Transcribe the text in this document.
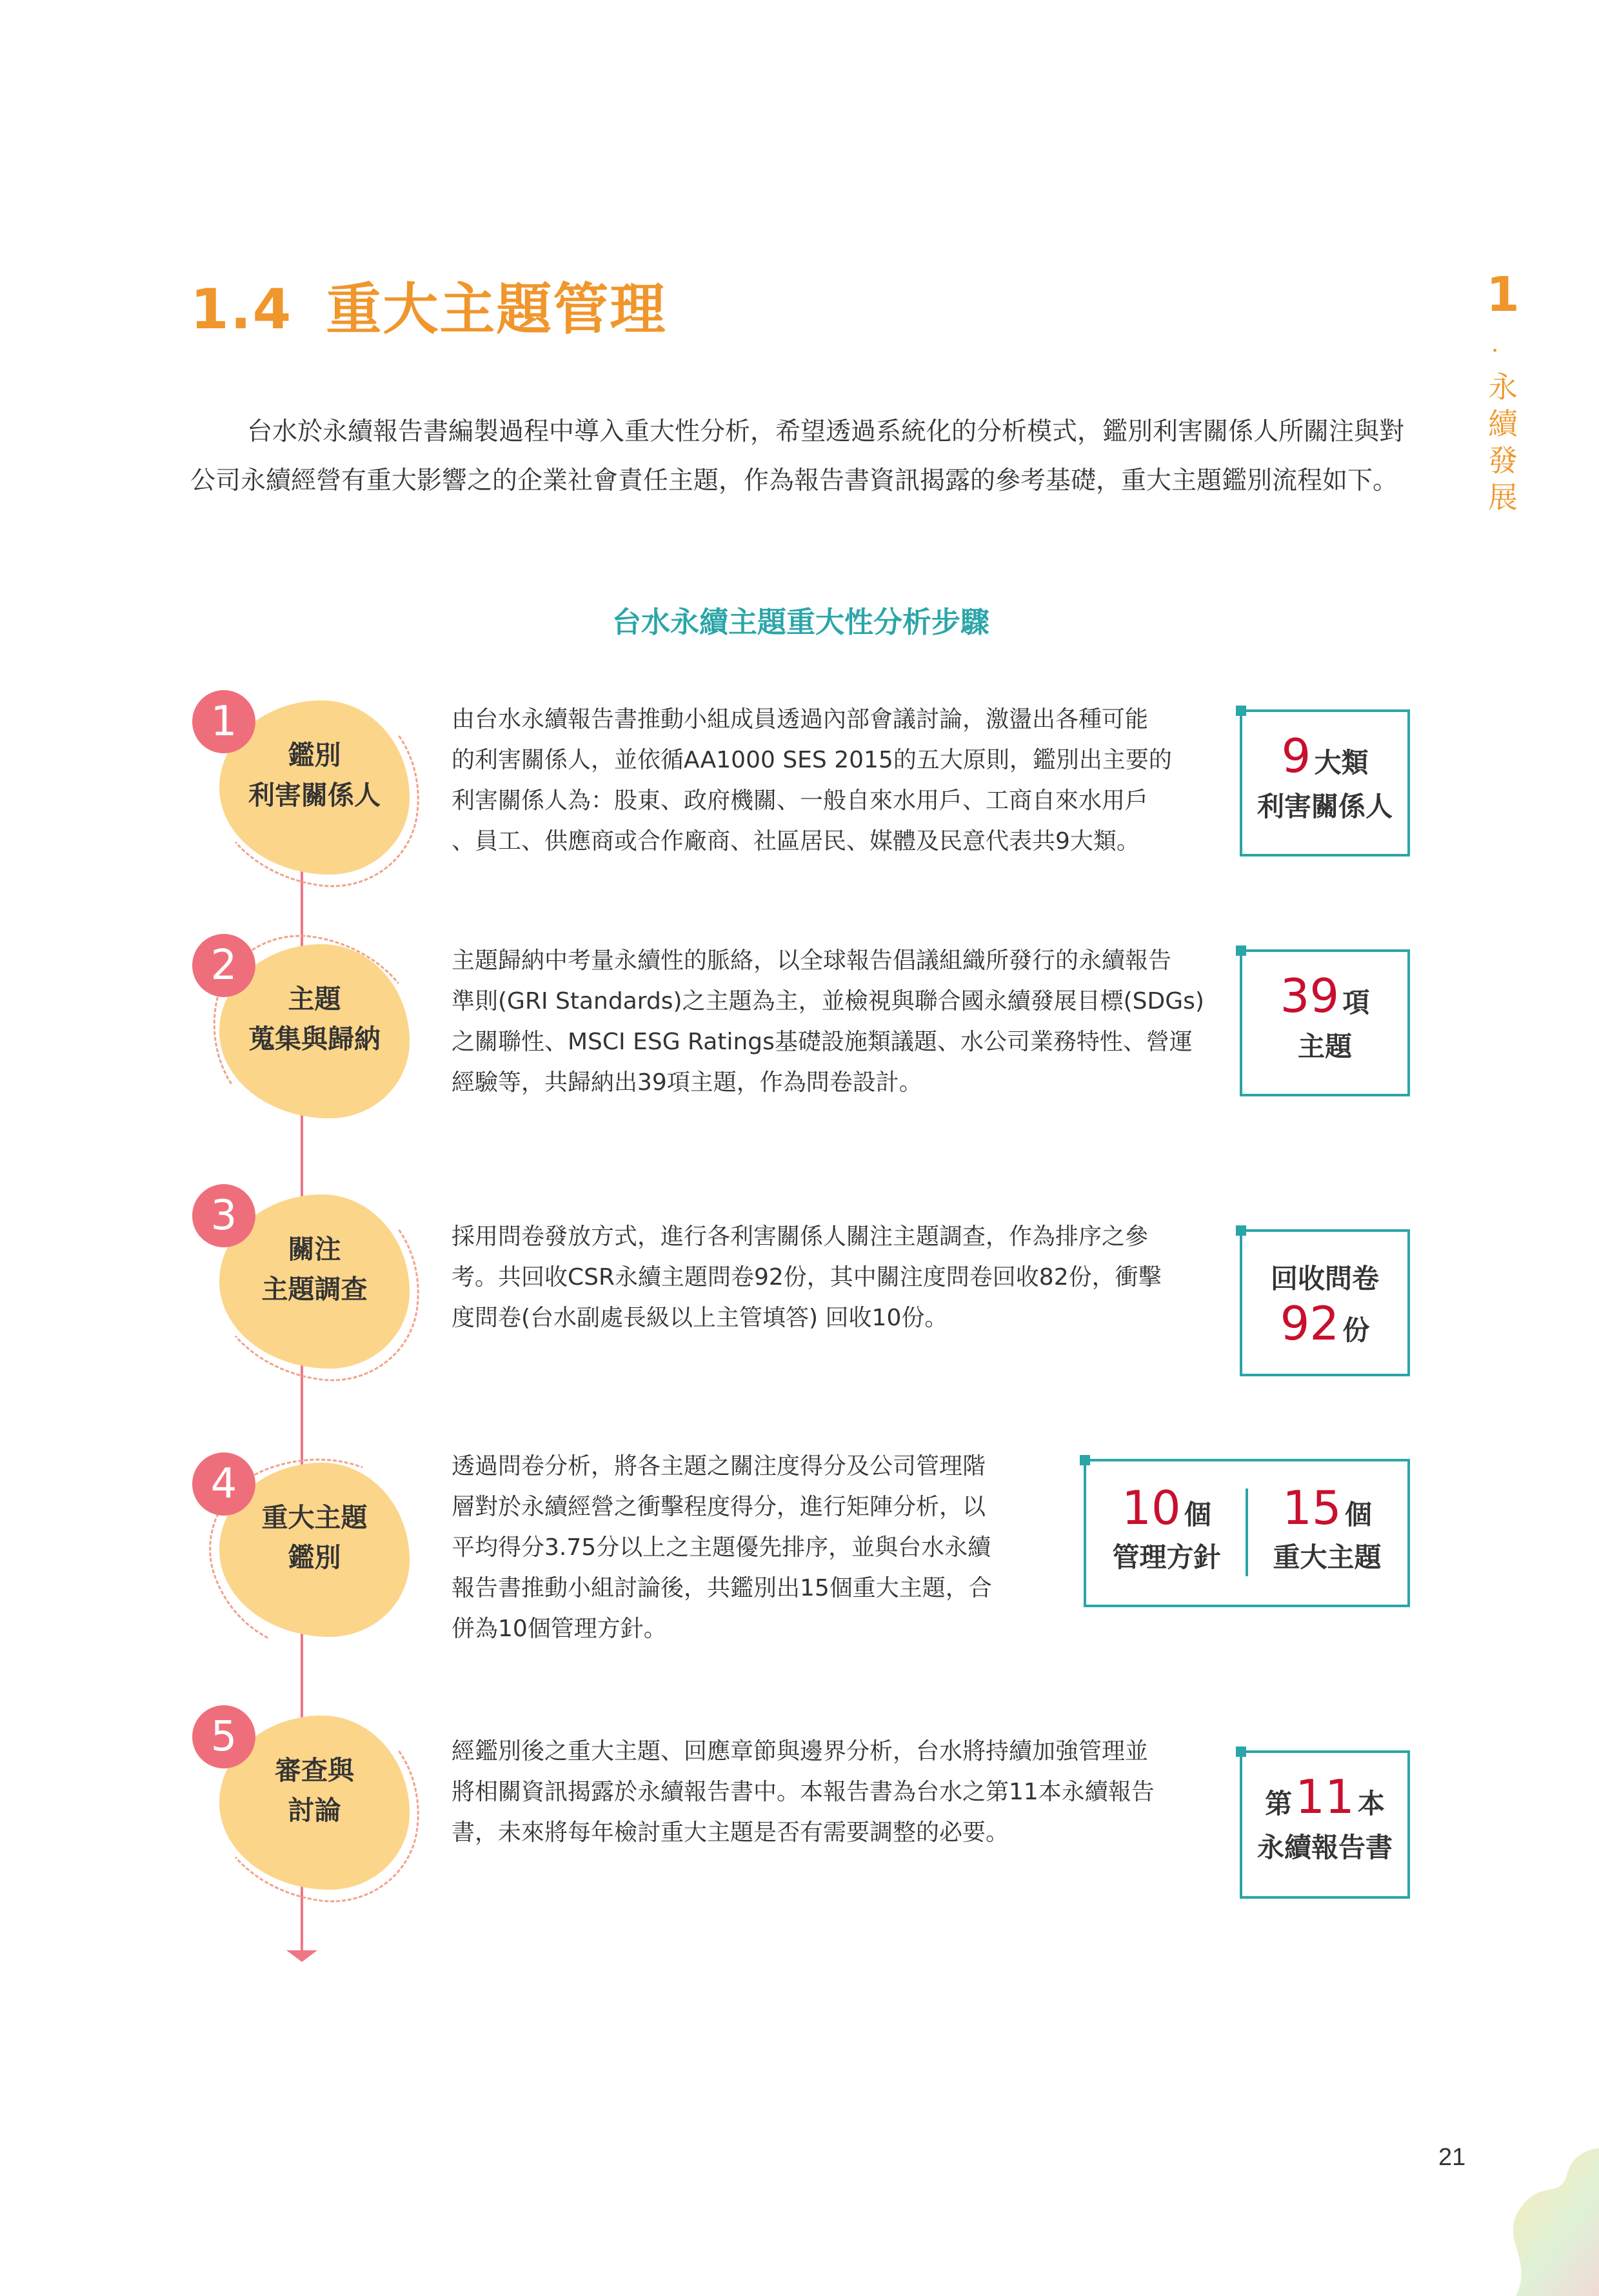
1.4 重大主題管理	1
．
永
續
發
展

台水於永續報告書編製過程中導入重大性分析，希望透過系統化的分析模式，鑑別利害關係人所關注與對公司永續經營有重大影響之的企業社會責任主題，作為報告書資訊揭露的參考基礎，重大主題鑑別流程如下。

台水永續主題重大性分析步驟
1
鑑別
利害關係人
由台水永續報告書推動小組成員透過內部會議討論，激盪出各種可能
的利害關係人，並依循AA1000 SES 2015的五大原則，鑑別出主要的
利害關係人為：股東、政府機關、一般自來水用戶、工商自來水用戶
、員工、供應商或合作廠商、社區居民、媒體及民意代表共9大類。
9 大類
利害關係人
2
主題
蒐集與歸納
主題歸納中考量永續性的脈絡，以全球報告倡議組織所發行的永續報告
準則(GRI Standards)之主題為主，並檢視與聯合國永續發展目標(SDGs)
之關聯性、MSCI ESG Ratings基礎設施類議題、水公司業務特性、營運
經驗等，共歸納出39項主題，作為問卷設計。
39 項
主題
3
關注
主題調查
採用問卷發放方式，進行各利害關係人關注主題調查，作為排序之參
考。共回收CSR永續主題問卷92份，其中關注度問卷回收82份，衝擊
度問卷(台水副處長級以上主管填答) 回收10份。
回收問卷
92 份
4
重大主題
鑑別
透過問卷分析，將各主題之關注度得分及公司管理階
層對於永續經營之衝擊程度得分，進行矩陣分析，以
平均得分3.75分以上之主題優先排序，並與台水永續
報告書推動小組討論後，共鑑別出15個重大主題，合
併為10個管理方針。
10 個
管理方針
15 個
重大主題
5
審查與
討論
經鑑別後之重大主題、回應章節與邊界分析，台水將持續加強管理並
將相關資訊揭露於永續報告書中。本報告書為台水之第11本永續報告
書，未來將每年檢討重大主題是否有需要調整的必要。
第 11 本
永續報告書
21
